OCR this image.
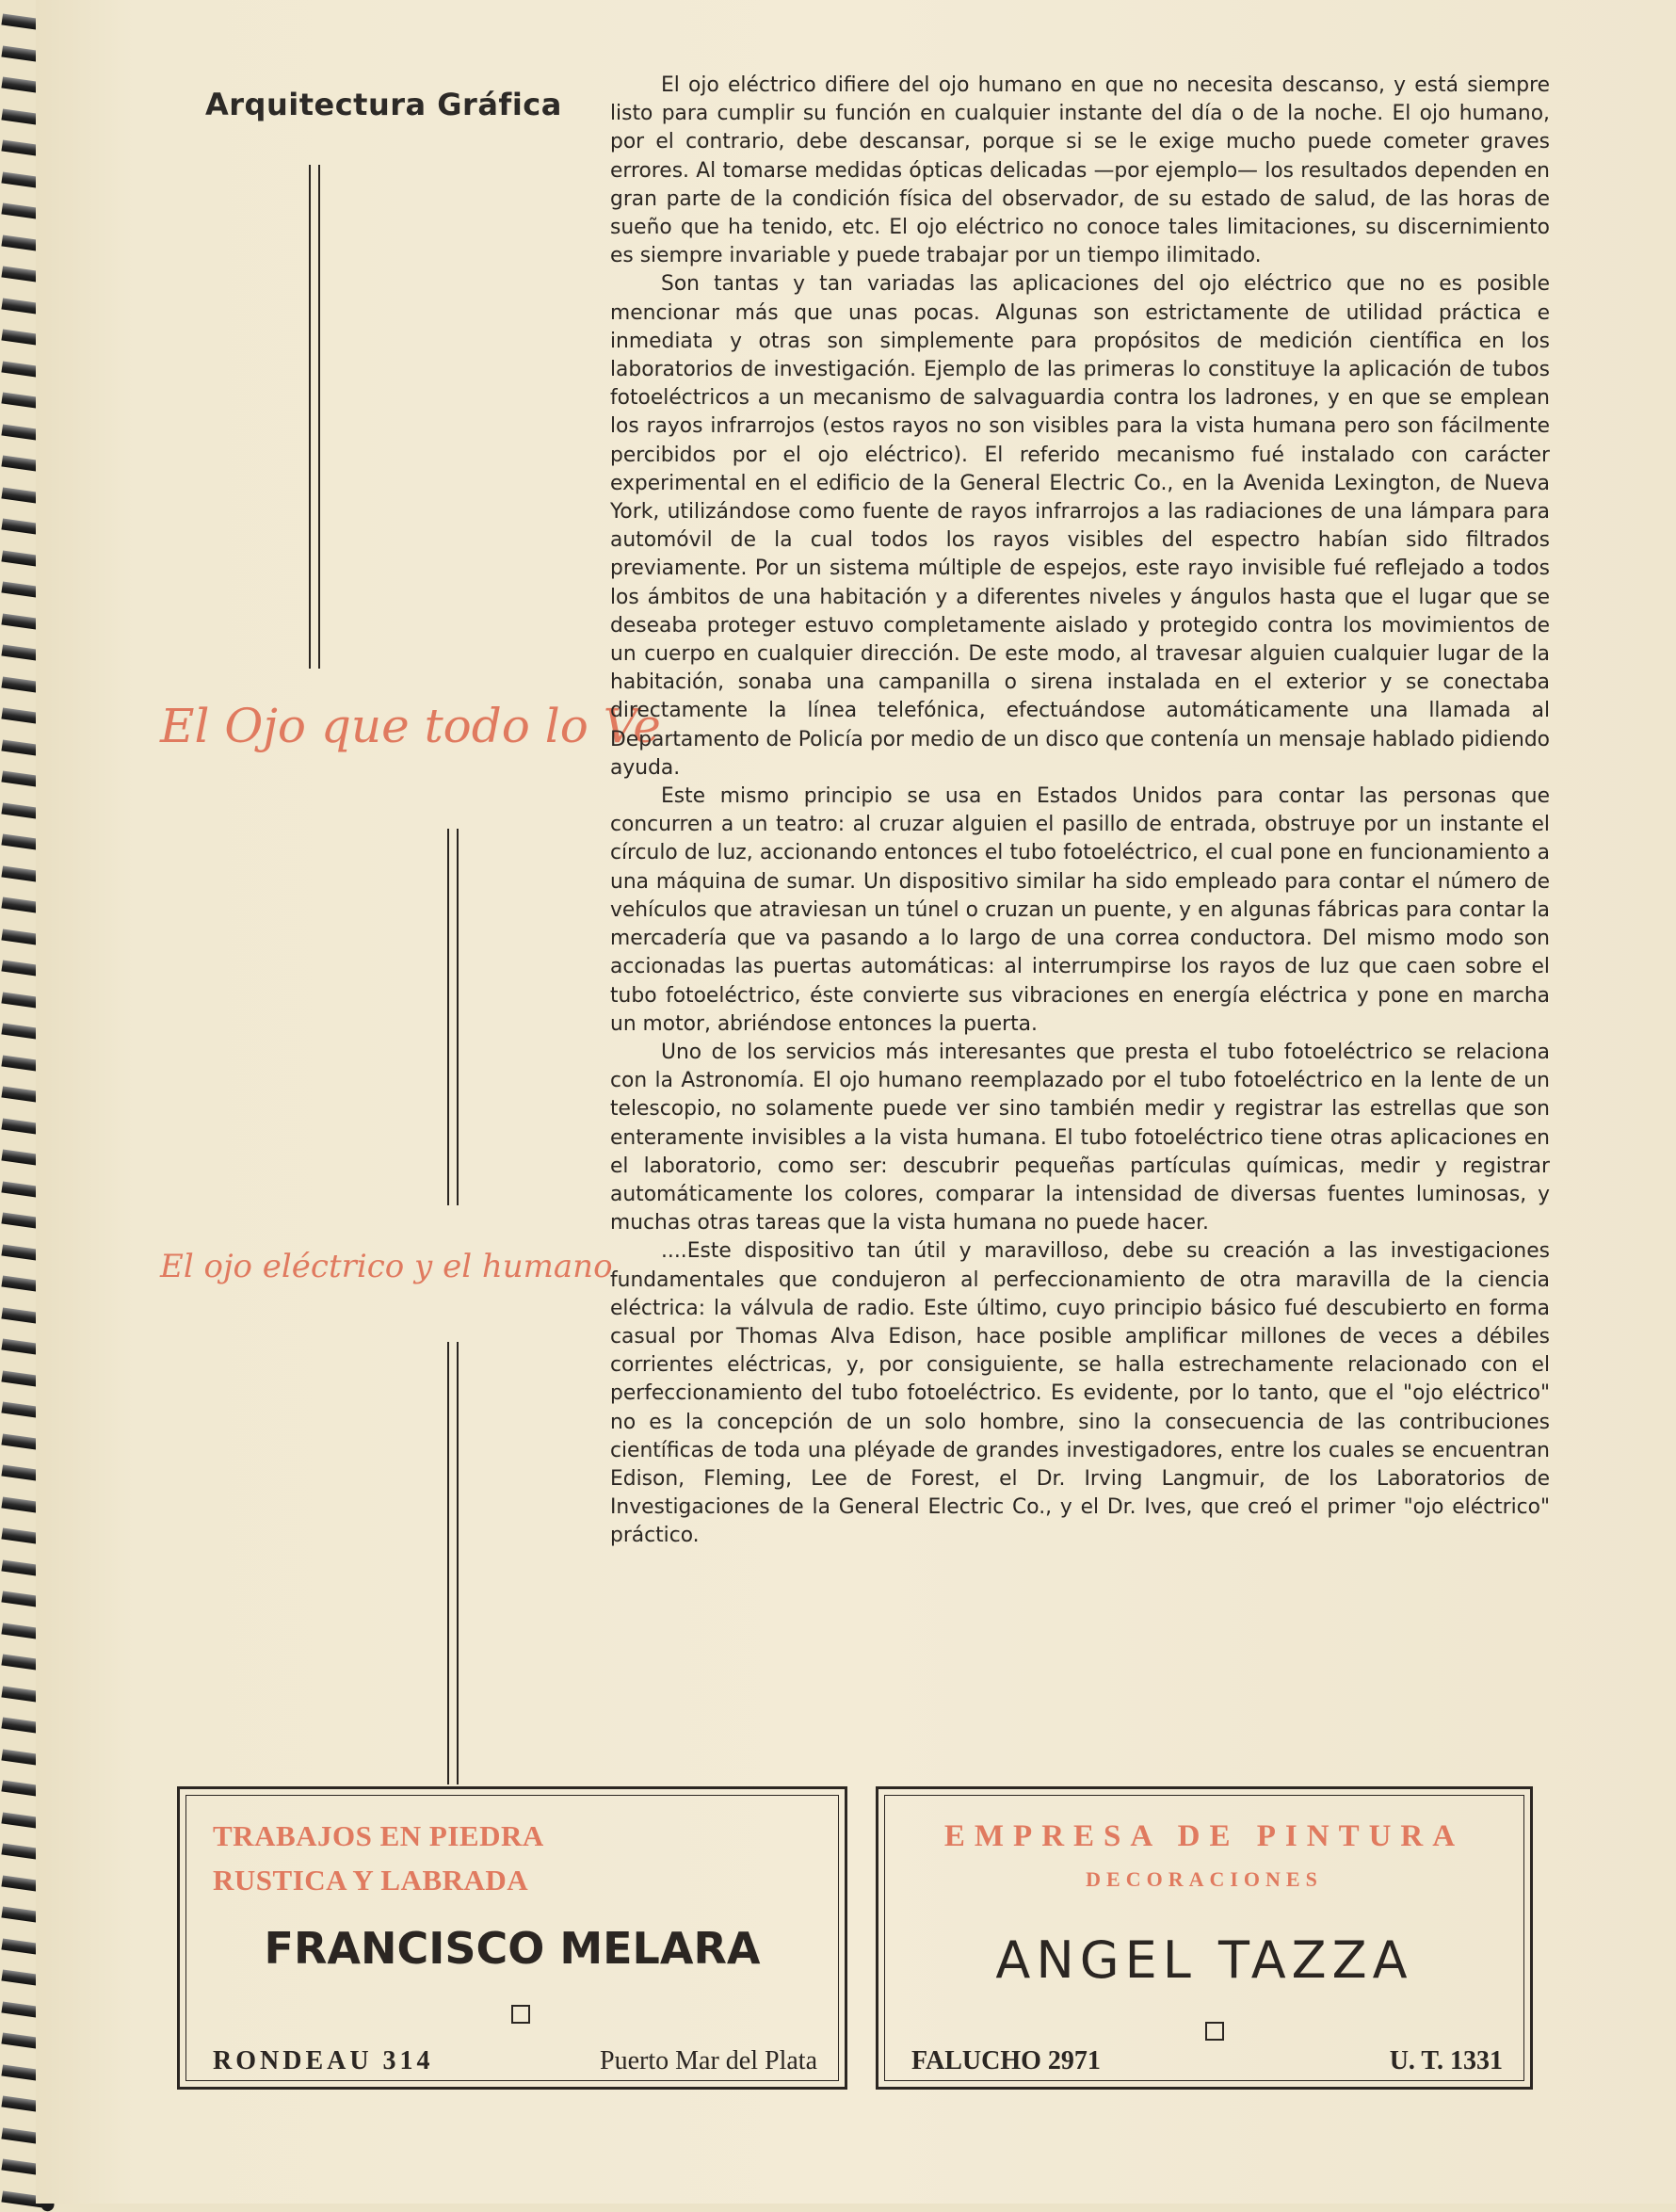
Arquitectura Gráfica
El Ojo que todo lo Ve
El ojo eléctrico y el humano

El ojo eléctrico difiere del ojo humano en que no necesita descanso, y está siempre listo para cumplir su función en cualquier instante del día o de la noche. El ojo humano, por el contrario, debe descansar, porque si se le exige mucho puede cometer graves errores. Al tomarse medidas ópticas delicadas —por ejemplo— los resultados dependen en gran parte de la condición física del observador, de su estado de salud, de las horas de sueño que ha tenido, etc. El ojo eléctrico no conoce tales limitaciones, su discernimiento es siempre invariable y puede trabajar por un tiempo ilimitado.

Son tantas y tan variadas las aplicaciones del ojo eléctrico que no es posible mencionar más que unas pocas. Algunas son estrictamente de utilidad práctica e inmediata y otras son simplemente para propósitos de medición científica en los laboratorios de investigación. Ejemplo de las primeras lo constituye la aplicación de tubos fotoeléctricos a un mecanismo de salvaguardia contra los ladrones, y en que se emplean los rayos infrarrojos (estos rayos no son visibles para la vista humana pero son fácilmente percibidos por el ojo eléctrico). El referido mecanismo fué instalado con carácter experimental en el edificio de la General Electric Co., en la Avenida Lexington, de Nueva York, utilizándose como fuente de rayos infrarrojos a las radiaciones de una lámpara para automóvil de la cual todos los rayos visibles del espectro habían sido filtrados previamente. Por un sistema múltiple de espejos, este rayo invisible fué reflejado a todos los ámbitos de una habitación y a diferentes niveles y ángulos hasta que el lugar que se deseaba proteger estuvo completamente aislado y protegido contra los movimientos de un cuerpo en cualquier dirección. De este modo, al travesar alguien cualquier lugar de la habitación, sonaba una campanilla o sirena instalada en el exterior y se conectaba directamente la línea telefónica, efectuándose automáticamente una llamada al Departamento de Policía por medio de un disco que contenía un mensaje hablado pidiendo ayuda.

Este mismo principio se usa en Estados Unidos para contar las personas que concurren a un teatro: al cruzar alguien el pasillo de entrada, obstruye por un instante el círculo de luz, accionando entonces el tubo fotoeléctrico, el cual pone en funcionamiento a una máquina de sumar. Un dispositivo similar ha sido empleado para contar el número de vehículos que atraviesan un túnel o cruzan un puente, y en algunas fábricas para contar la mercadería que va pasando a lo largo de una correa conductora. Del mismo modo son accionadas las puertas automáticas: al interrumpirse los rayos de luz que caen sobre el tubo fotoeléctrico, éste convierte sus vibraciones en energía eléctrica y pone en marcha un motor, abriéndose entonces la puerta.

Uno de los servicios más interesantes que presta el tubo fotoeléctrico se relaciona con la Astronomía. El ojo humano reemplazado por el tubo fotoeléctrico en la lente de un telescopio, no solamente puede ver sino también medir y registrar las estrellas que son enteramente invisibles a la vista humana. El tubo fotoeléctrico tiene otras aplicaciones en el laboratorio, como ser: descubrir pequeñas partículas químicas, medir y registrar automáticamente los colores, comparar la intensidad de diversas fuentes luminosas, y muchas otras tareas que la vista humana no puede hacer.

....Este dispositivo tan útil y maravilloso, debe su creación a las investigaciones fundamentales que condujeron al perfeccionamiento de otra maravilla de la ciencia eléctrica: la válvula de radio. Este último, cuyo principio básico fué descubierto en forma casual por Thomas Alva Edison, hace posible amplificar millones de veces a débiles corrientes eléctricas, y, por consiguiente, se halla estrechamente relacionado con el perfeccionamiento del tubo fotoeléctrico. Es evidente, por lo tanto, que el "ojo eléctrico" no es la concepción de un solo hombre, sino la consecuencia de las contribuciones científicas de toda una pléyade de grandes investigadores, entre los cuales se encuentran Edison, Fleming, Lee de Forest, el Dr. Irving Langmuir, de los Laboratorios de Investigaciones de la General Electric Co., y el Dr. Ives, que creó el primer "ojo eléctrico" práctico.

TRABAJOS EN PIEDRA
RUSTICA Y LABRADA
FRANCISCO MELARA
RONDEAU 314	Puerto Mar del Plata
EMPRESA DE PINTURA
DECORACIONES
ANGEL TAZZA
FALUCHO 2971	U. T. 1331
